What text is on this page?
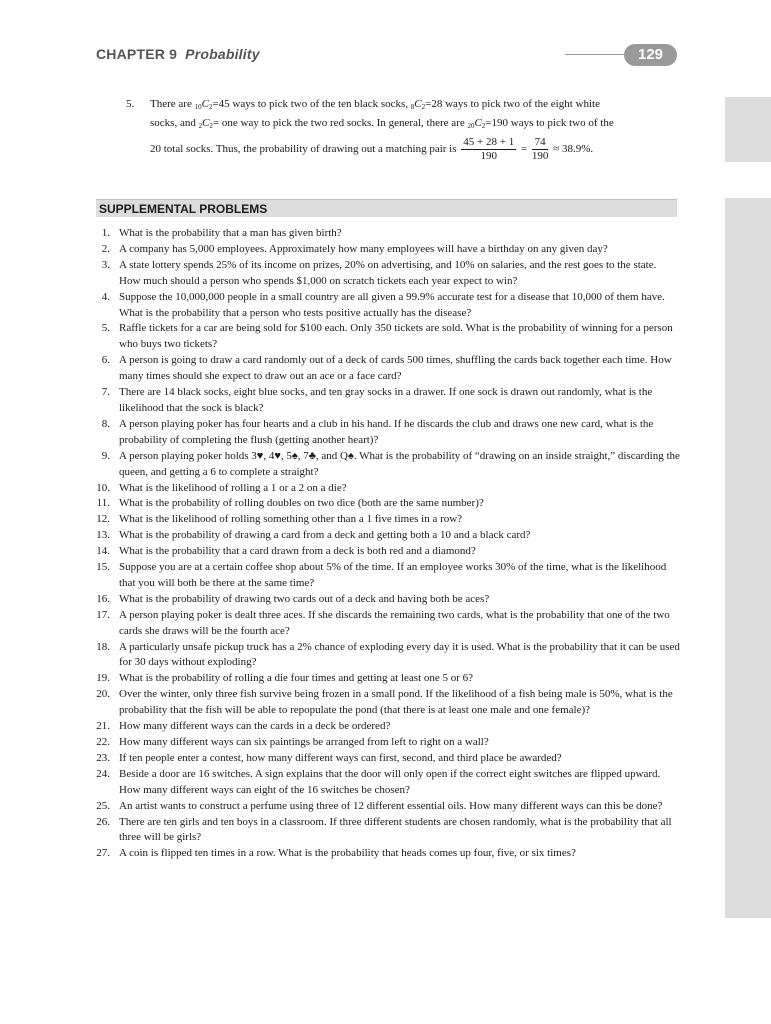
CHAPTER 9 Probability	129
5. There are $_{10}C_2=45$ ways to pick two of the ten black socks, $_8C_2=28$ ways to pick two of the eight white
socks, and $_2C_2=$ one way to pick the two red socks. In general, there are $_{20}C_2=190$ ways to pick two of the
20 total socks. Thus, the probability of drawing out a matching pair is $\frac{45 + 28 + 1}{190} = \frac{74}{190} \approx 38.9\%$.
SUPPLEMENTAL PROBLEMS
1. What is the probability that a man has given birth?
2. A company has 5,000 employees. Approximately how many employees will have a birthday on any given day?
3. A state lottery spends 25% of its income on prizes, 20% on advertising, and 10% on salaries, and the rest goes to the state. How much should a person who spends $1,000 on scratch tickets each year expect to win?
4. Suppose the 10,000,000 people in a small country are all given a 99.9% accurate test for a disease that 10,000 of them have. What is the probability that a person who tests positive actually has the disease?
5. Raffle tickets for a car are being sold for $100 each. Only 350 tickets are sold. What is the probability of winning for a person who buys two tickets?
6. A person is going to draw a card randomly out of a deck of cards 500 times, shuffling the cards back together each time. How many times should she expect to draw out an ace or a face card?
7. There are 14 black socks, eight blue socks, and ten gray socks in a drawer. If one sock is drawn out randomly, what is the likelihood that the sock is black?
8. A person playing poker has four hearts and a club in his hand. If he discards the club and draws one new card, what is the probability of completing the flush (getting another heart)?
9. A person playing poker holds 3♥, 4♥, 5♠, 7♣, and Q♠. What is the probability of “drawing on an inside straight,” discarding the queen, and getting a 6 to complete a straight?
10. What is the likelihood of rolling a 1 or a 2 on a die?
11. What is the probability of rolling doubles on two dice (both are the same number)?
12. What is the likelihood of rolling something other than a 1 five times in a row?
13. What is the probability of drawing a card from a deck and getting both a 10 and a black card?
14. What is the probability that a card drawn from a deck is both red and a diamond?
15. Suppose you are at a certain coffee shop about 5% of the time. If an employee works 30% of the time, what is the likelihood that you will both be there at the same time?
16. What is the probability of drawing two cards out of a deck and having both be aces?
17. A person playing poker is dealt three aces. If she discards the remaining two cards, what is the probability that one of the two cards she draws will be the fourth ace?
18. A particularly unsafe pickup truck has a 2% chance of exploding every day it is used. What is the probability that it can be used for 30 days without exploding?
19. What is the probability of rolling a die four times and getting at least one 5 or 6?
20. Over the winter, only three fish survive being frozen in a small pond. If the likelihood of a fish being male is 50%, what is the probability that the fish will be able to repopulate the pond (that there is at least one male and one female)?
21. How many different ways can the cards in a deck be ordered?
22. How many different ways can six paintings be arranged from left to right on a wall?
23. If ten people enter a contest, how many different ways can first, second, and third place be awarded?
24. Beside a door are 16 switches. A sign explains that the door will only open if the correct eight switches are flipped upward. How many different ways can eight of the 16 switches be chosen?
25. An artist wants to construct a perfume using three of 12 different essential oils. How many different ways can this be done?
26. There are ten girls and ten boys in a classroom. If three different students are chosen randomly, what is the probability that all three will be girls?
27. A coin is flipped ten times in a row. What is the probability that heads comes up four, five, or six times?
